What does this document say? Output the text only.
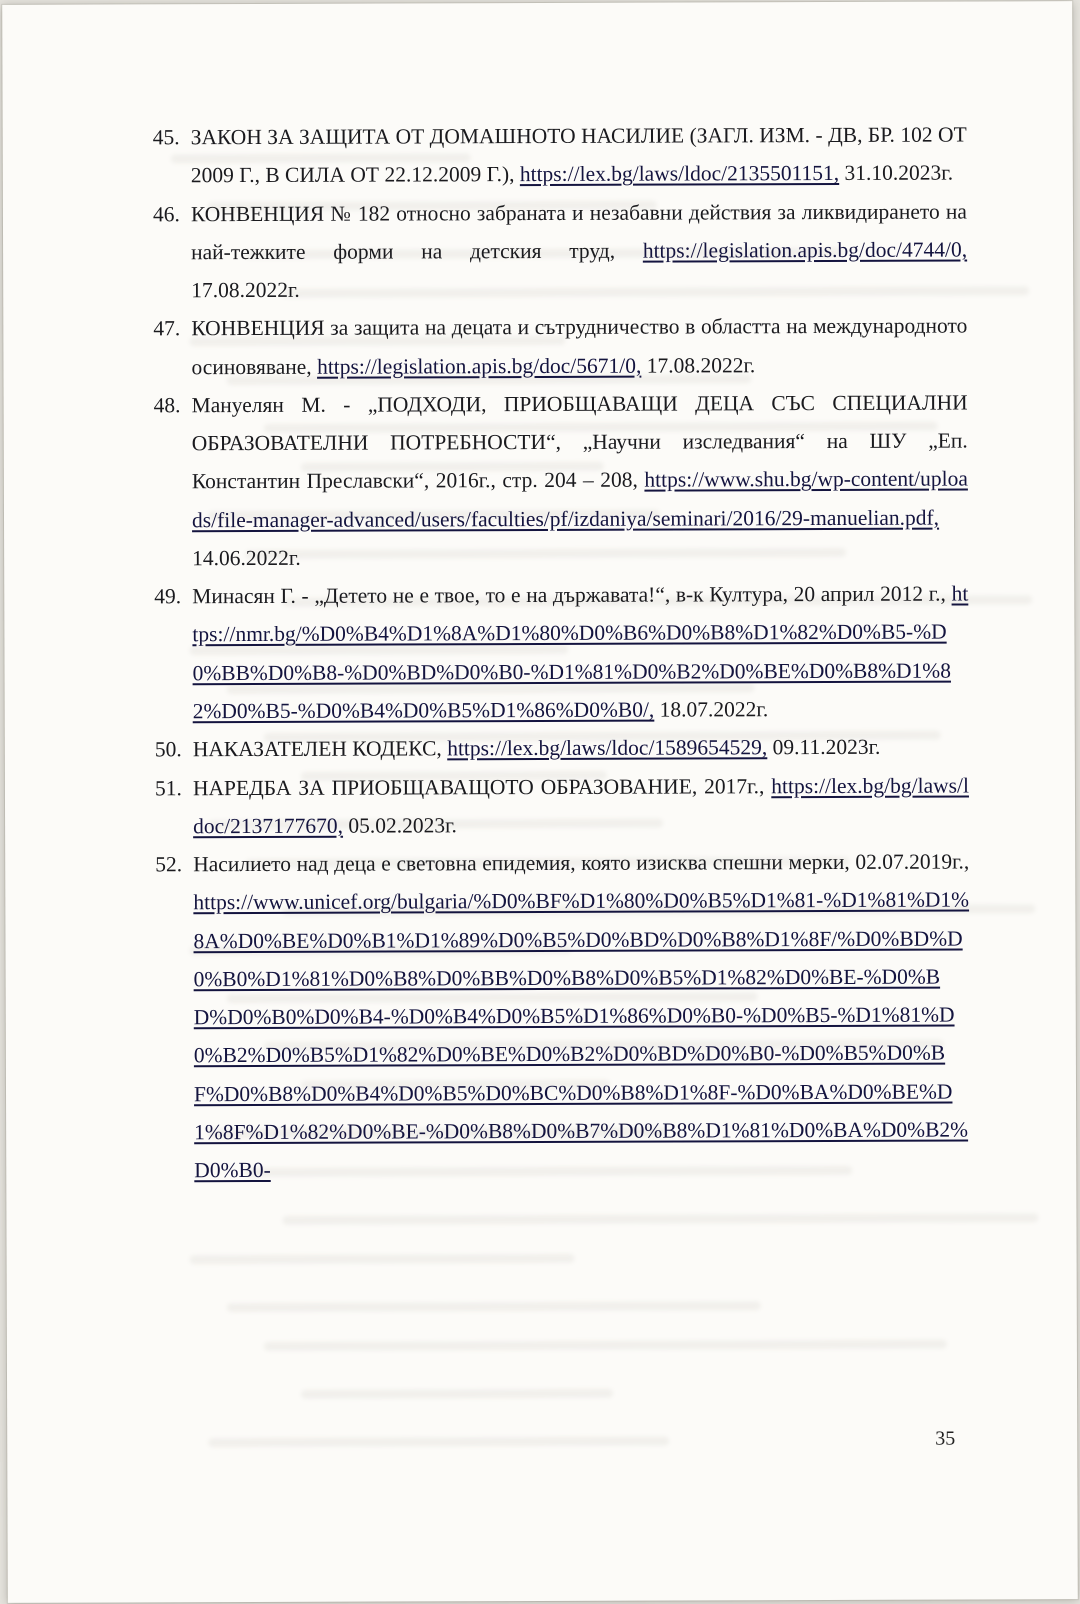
45. ЗАКОН ЗА ЗАЩИТА ОТ ДОМАШНОТО НАСИЛИЕ (ЗАГЛ. ИЗМ. - ДВ, БР. 102 ОТ 2009 Г., В СИЛА ОТ 22.12.2009 Г.), https://lex.bg/laws/ldoc/2135501151, 31.10.2023г.

46. КОНВЕНЦИЯ № 182 относно забраната и незабавни действия за ликвидирането на най-тежките форми на детския труд, https://legislation.apis.bg/doc/4744/0, 17.08.2022г.

47. КОНВЕНЦИЯ за защита на децата и сътрудничество в областта на международното осиновяване, https://legislation.apis.bg/doc/5671/0, 17.08.2022г.

48. Мануелян М. - „ПОДХОДИ, ПРИОБЩАВАЩИ ДЕЦА СЪС СПЕЦИАЛНИ ОБРАЗОВАТЕЛНИ ПОТРЕБНОСТИ“, „Научни изследвания“ на ШУ „Еп. Константин Преславски“, 2016г., стр. 204 – 208, https://www.shu.bg/wp-content/uploads/file-manager-advanced/users/faculties/pf/izdaniya/seminari/2016/29-manuelian.pdf, 14.06.2022г.

49. Минасян Г. - „Детето не е твое, то е на държавата!“, в-к Култура, 20 април 2012 г., https://nmr.bg/%D0%B4%D1%8A%D1%80%D0%B6%D0%B8%D1%82%D0%B5-%D0%BB%D0%B8-%D0%BD%D0%B0-%D1%81%D0%B2%D0%BE%D0%B8%D1%82%D0%B5-%D0%B4%D0%B5%D1%86%D0%B0/, 18.07.2022г.

50. НАКАЗАТЕЛЕН КОДЕКС, https://lex.bg/laws/ldoc/1589654529, 09.11.2023г.

51. НАРЕДБА ЗА ПРИОБЩАВАЩОТО ОБРАЗОВАНИЕ, 2017г., https://lex.bg/bg/laws/ldoc/2137177670, 05.02.2023г.

52. Насилието над деца е световна епидемия, която изисква спешни мерки, 02.07.2019г., https://www.unicef.org/bulgaria/%D0%BF%D1%80%D0%B5%D1%81-%D1%81%D1%8A%D0%BE%D0%B1%D1%89%D0%B5%D0%BD%D0%B8%D1%8F/%D0%BD%D0%B0%D1%81%D0%B8%D0%BB%D0%B8%D0%B5%D1%82%D0%BE-%D0%BD%D0%B0%D0%B4-%D0%B4%D0%B5%D1%86%D0%B0-%D0%B5-%D1%81%D0%B2%D0%B5%D1%82%D0%BE%D0%B2%D0%BD%D0%B0-%D0%B5%D0%BF%D0%B8%D0%B4%D0%B5%D0%BC%D0%B8%D1%8F-%D0%BA%D0%BE%D1%8F%D1%82%D0%BE-%D0%B8%D0%B7%D0%B8%D1%81%D0%BA%D0%B2%D0%B0-

35
